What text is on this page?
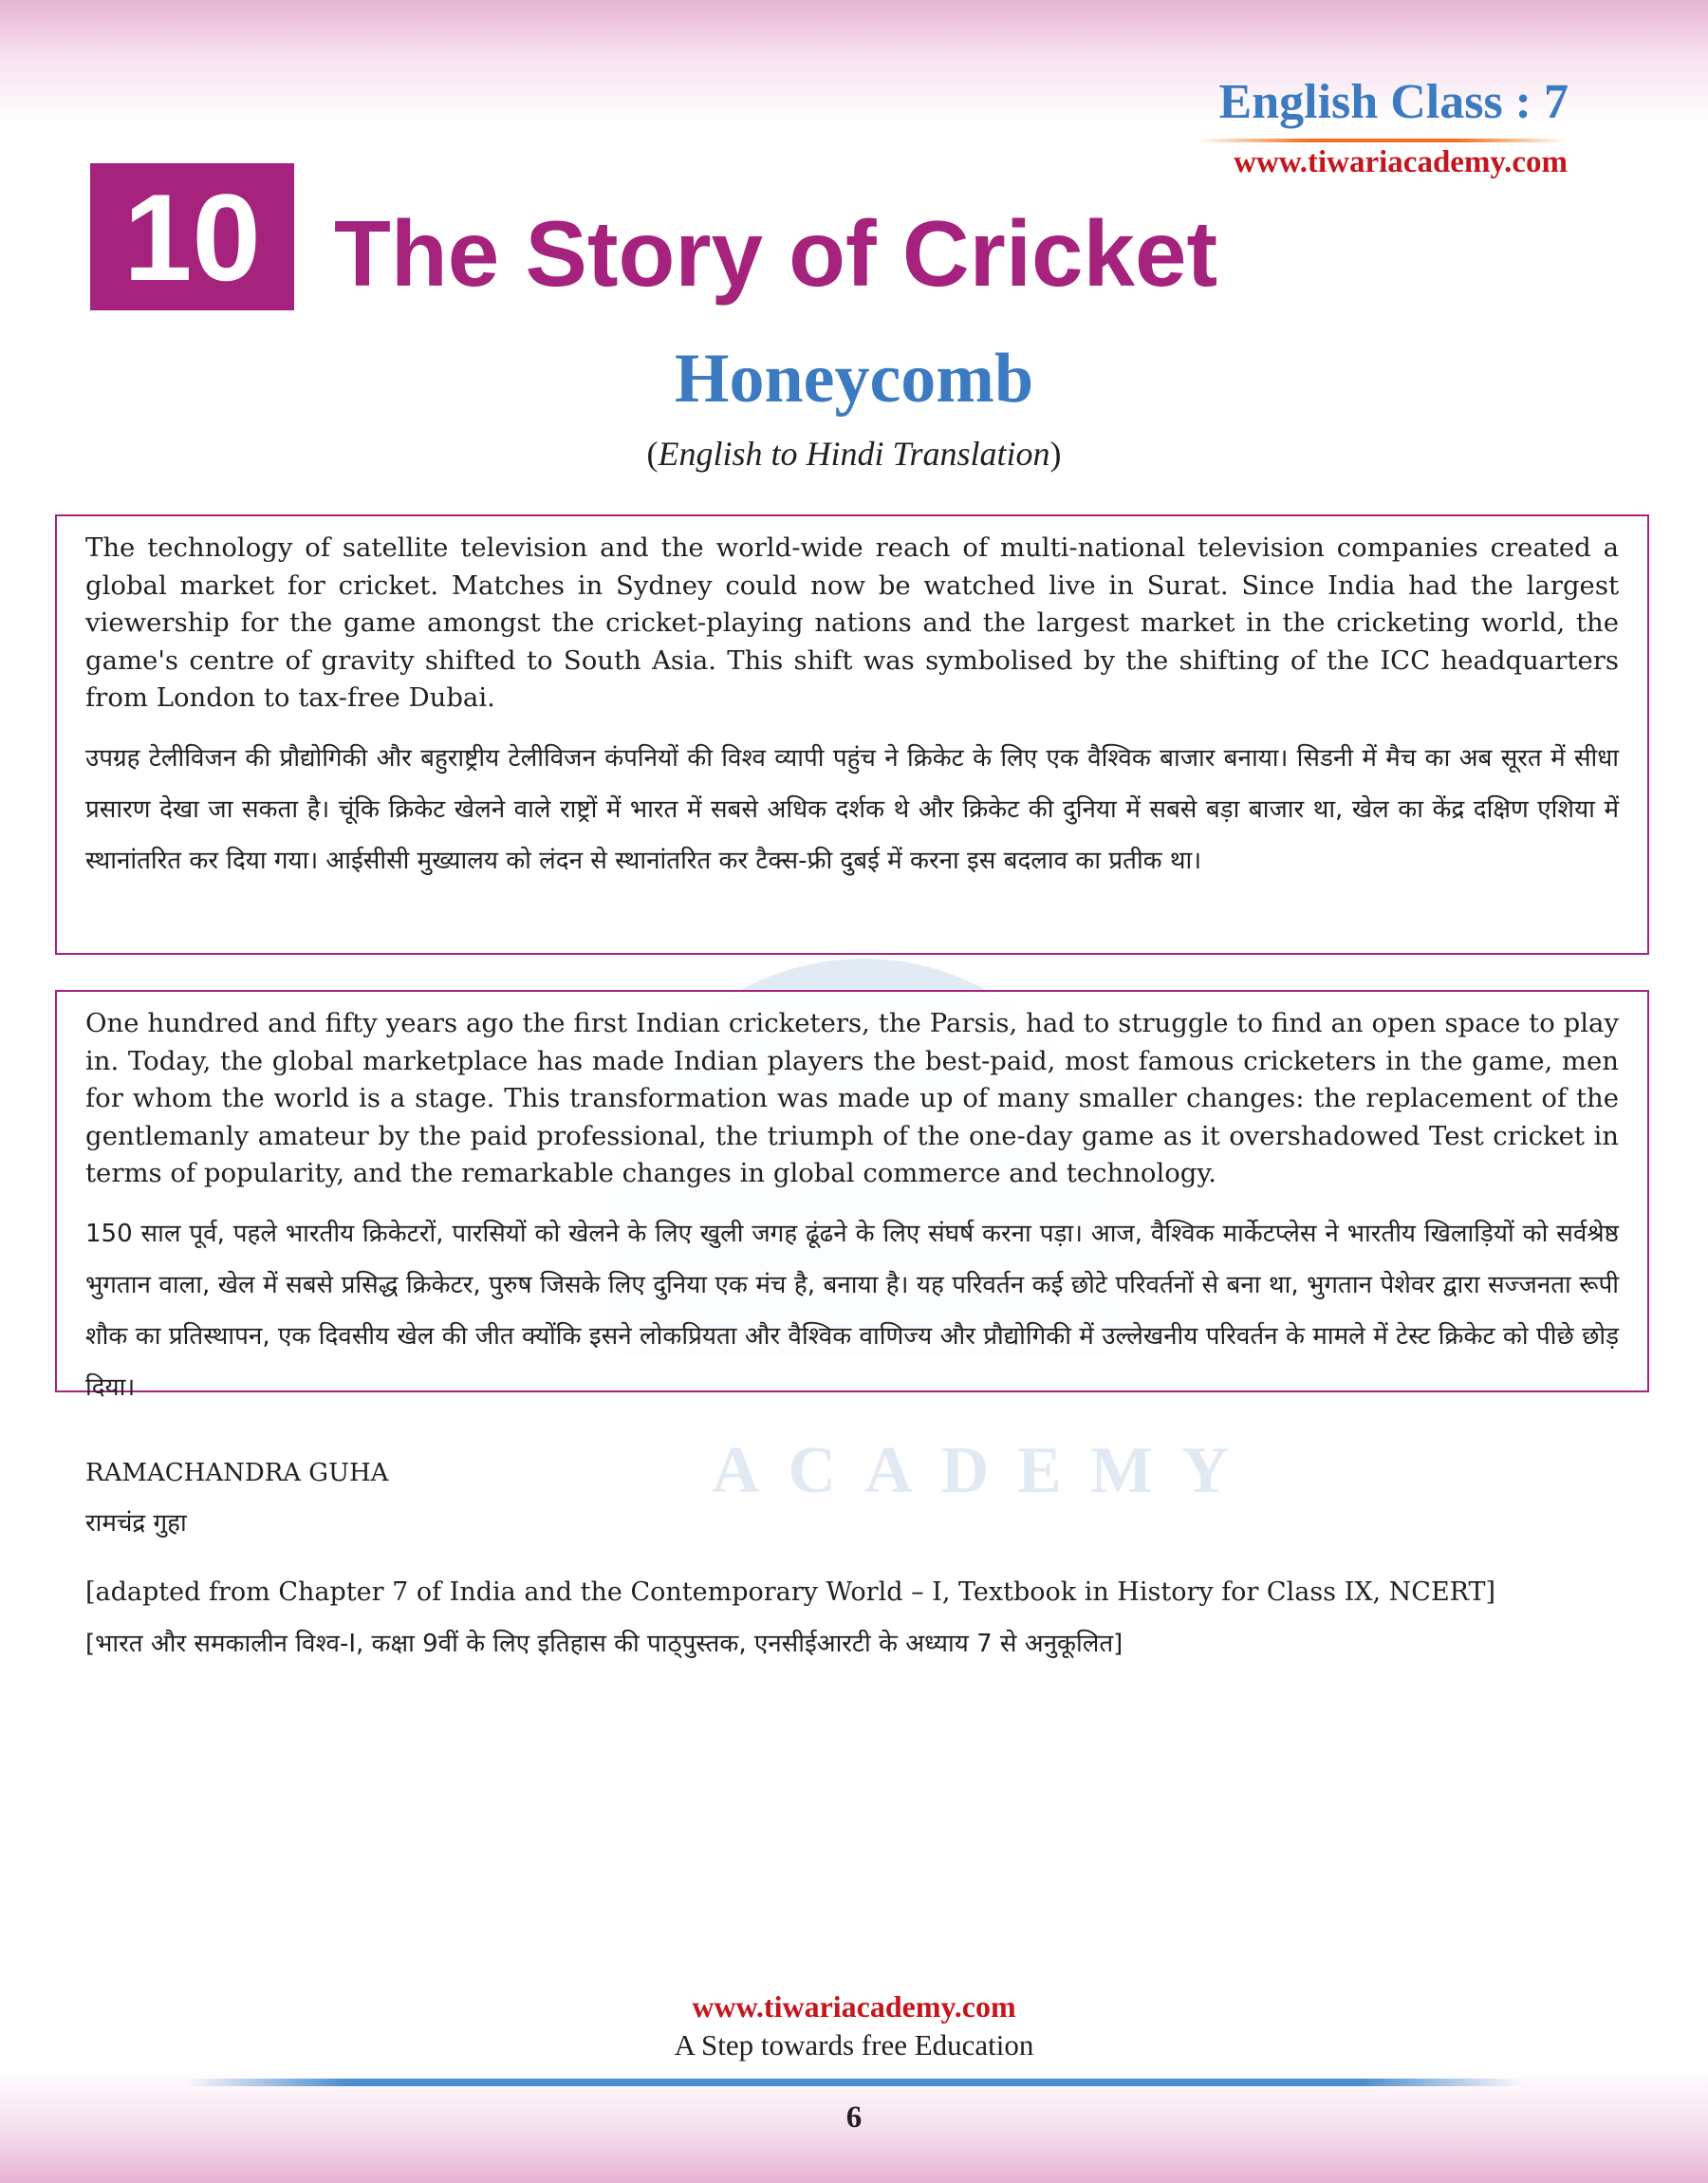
ACADEMY
English Class : 7
www.tiwariacademy.com
10 The Story of Cricket
Honeycomb
(English to Hindi Translation)

The technology of satellite television and the world-wide reach of multi-national television companies created a global market for cricket. Matches in Sydney could now be watched live in Surat. Since India had the largest viewership for the game amongst the cricket-playing nations and the largest market in the cricketing world, the game's centre of gravity shifted to South Asia. This shift was symbolised by the shifting of the ICC headquarters from London to tax-free Dubai.

उपग्रह टेलीविजन की प्रौद्योगिकी और बहुराष्ट्रीय टेलीविजन कंपनियों की विश्व व्यापी पहुंच ने क्रिकेट के लिए एक वैश्विक बाजार बनाया। सिडनी में मैच का अब सूरत में सीधा प्रसारण देखा जा सकता है। चूंकि क्रिकेट खेलने वाले राष्ट्रों में भारत में सबसे अधिक दर्शक थे और क्रिकेट की दुनिया में सबसे बड़ा बाजार था, खेल का केंद्र दक्षिण एशिया में स्थानांतरित कर दिया गया। आईसीसी मुख्यालय को लंदन से स्थानांतरित कर टैक्स-फ्री दुबई में करना इस बदलाव का प्रतीक था।

One hundred and fifty years ago the first Indian cricketers, the Parsis, had to struggle to find an open space to play in. Today, the global marketplace has made Indian players the best-paid, most famous cricketers in the game, men for whom the world is a stage. This transformation was made up of many smaller changes: the replacement of the gentlemanly amateur by the paid professional, the triumph of the one-day game as it overshadowed Test cricket in terms of popularity, and the remarkable changes in global commerce and technology.

150 साल पूर्व, पहले भारतीय क्रिकेटरों, पारसियों को खेलने के लिए खुली जगह ढूंढने के लिए संघर्ष करना पड़ा। आज, वैश्विक मार्केटप्लेस ने भारतीय खिलाड़ियों को सर्वश्रेष्ठ भुगतान वाला, खेल में सबसे प्रसिद्ध क्रिकेटर, पुरुष जिसके लिए दुनिया एक मंच है, बनाया है। यह परिवर्तन कई छोटे परिवर्तनों से बना था, भुगतान पेशेवर द्वारा सज्जनता रूपी शौक का प्रतिस्थापन, एक दिवसीय खेल की जीत क्योंकि इसने लोकप्रियता और वैश्विक वाणिज्य और प्रौद्योगिकी में उल्लेखनीय परिवर्तन के मामले में टेस्ट क्रिकेट को पीछे छोड़ दिया।

RAMACHANDRA GUHA
रामचंद्र गुहा
[adapted from Chapter 7 of India and the Contemporary World – I, Textbook in History for Class IX, NCERT]
[भारत और समकालीन विश्व-I, कक्षा 9वीं के लिए इतिहास की पाठ्पुस्तक, एनसीईआरटी के अध्याय 7 से अनुकूलित]
www.tiwariacademy.com
A Step towards free Education
6
